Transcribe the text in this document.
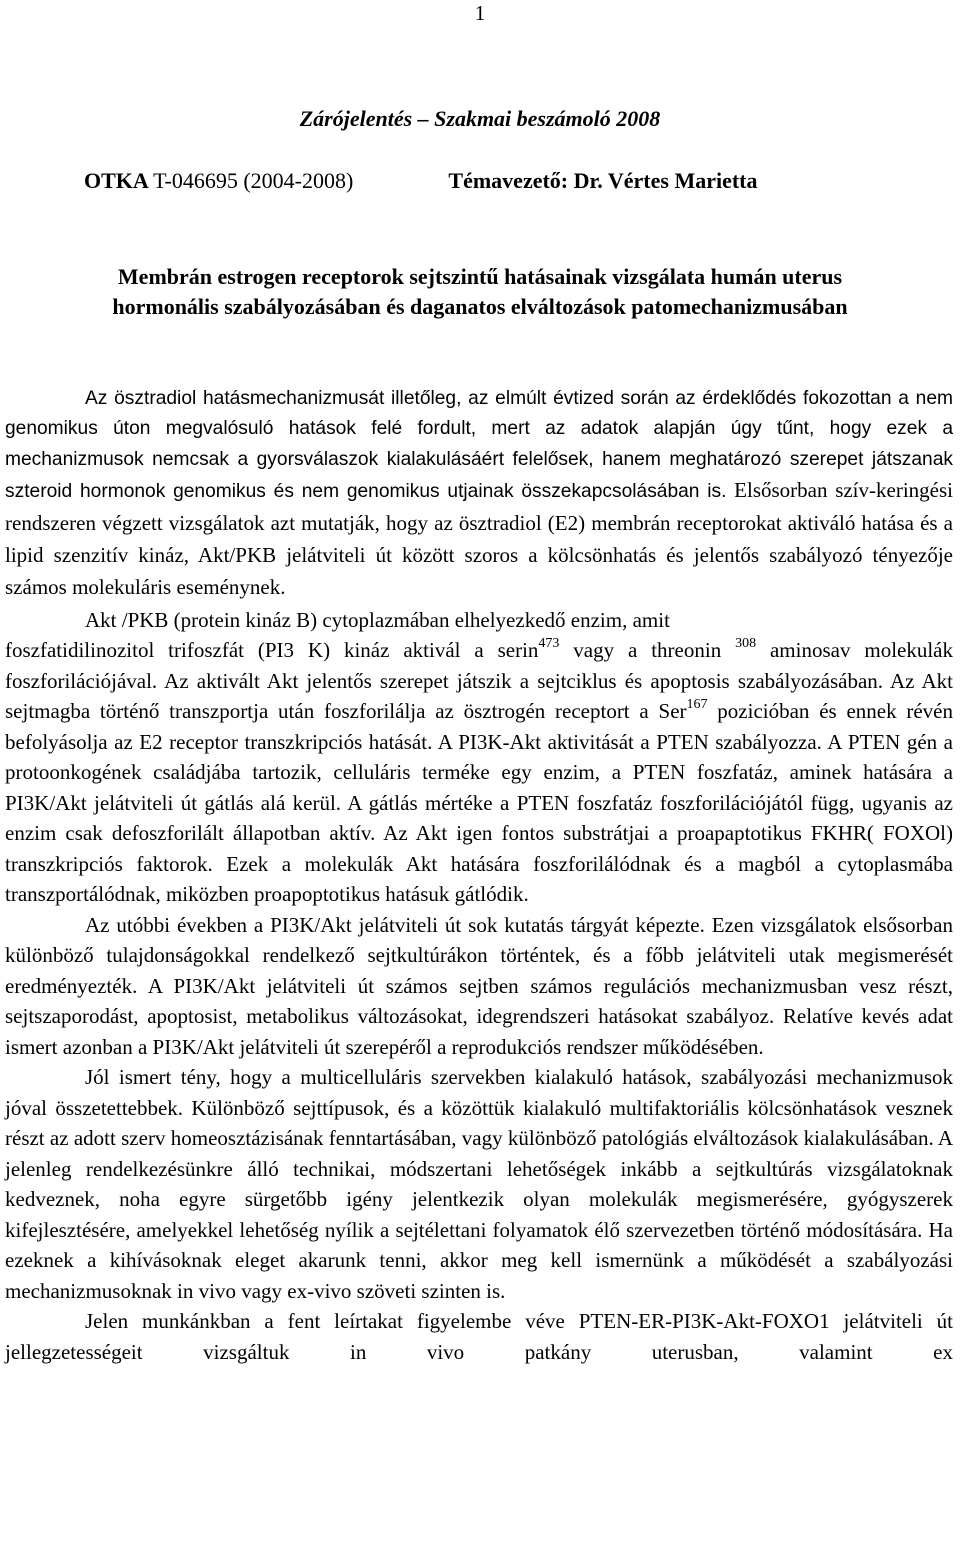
1
Zárójelentés – Szakmai beszámoló 2008
OTKA T-046695 (2004-2008)	Témavezető: Dr. Vértes Marietta
Membrán estrogen receptorok sejtszintű hatásainak vizsgálata humán uterus
hormonális szabályozásában és daganatos elváltozások patomechanizmusában

Az ösztradiol hatásmechanizmusát illetőleg, az elmúlt évtized során az érdeklődés fokozottan a nem genomikus úton megvalósuló hatások felé fordult, mert az adatok alapján úgy tűnt, hogy ezek a mechanizmusok nemcsak a gyorsválaszok kialakulásáért felelősek, hanem meghatározó szerepet játszanak szteroid hormonok genomikus és nem genomikus utjainak összekapcsolásában is. Elsősorban szív-keringési rendszeren végzett vizsgálatok azt mutatják, hogy az ösztradiol (E2) membrán receptorokat aktiváló hatása és a lipid szenzitív kináz, Akt/PKB jelátviteli út között szoros a kölcsönhatás és jelentős szabályozó tényezője számos molekuláris eseménynek.

Akt /PKB (protein kináz B) cytoplazmában elhelyezkedő enzim, amit
foszfatidilinozitol trifoszfát (PI3 K) kináz aktivál a serin$^{473}$ vagy a threonin $^{308}$ aminosav molekulák foszforilációjával. Az aktivált Akt jelentős szerepet játszik a sejtciklus és apoptosis szabályozásában. Az Akt sejtmagba történő transzportja után foszforilálja az ösztrogén receptort a Ser$^{167}$ pozicióban és ennek révén befolyásolja az E2 receptor transzkripciós hatását. A PI3K-Akt aktivitását a PTEN szabályozza. A PTEN gén a protoonkogének családjába tartozik, celluláris terméke egy enzim, a PTEN foszfatáz, aminek hatására a PI3K/Akt jelátviteli út gátlás alá kerül. A gátlás mértéke a PTEN foszfatáz foszforilációjától függ, ugyanis az enzim csak defoszforilált állapotban aktív. Az Akt igen fontos substrátjai a proapaptotikus FKHR( FOXOl) transzkripciós faktorok. Ezek a molekulák Akt hatására foszforilálódnak és a magból a cytoplasmába transzportálódnak, miközben proapoptotikus hatásuk gátlódik.

Az utóbbi években a PI3K/Akt jelátviteli út sok kutatás tárgyát képezte. Ezen vizsgálatok elsősorban különböző tulajdonságokkal rendelkező sejtkultúrákon történtek, és a főbb jelátviteli utak megismerését eredményezték. A PI3K/Akt jelátviteli út számos sejtben számos regulációs mechanizmusban vesz részt, sejtszaporodást, apoptosist, metabolikus változásokat, idegrendszeri hatásokat szabályoz. Relatíve kevés adat ismert azonban a PI3K/Akt jelátviteli út szerepéről a reprodukciós rendszer működésében.

Jól ismert tény, hogy a multicelluláris szervekben kialakuló hatások, szabályozási mechanizmusok jóval összetettebbek. Különböző sejttípusok, és a közöttük kialakuló multifaktoriális kölcsönhatások vesznek részt az adott szerv homeosztázisának fenntartásában, vagy különböző patológiás elváltozások kialakulásában. A jelenleg rendelkezésünkre álló technikai, módszertani lehetőségek inkább a sejtkultúrás vizsgálatoknak kedveznek, noha egyre sürgetőbb igény jelentkezik olyan molekulák megismerésére, gyógyszerek kifejlesztésére, amelyekkel lehetőség nyílik a sejtélettani folyamatok élő szervezetben történő módosítására. Ha ezeknek a kihívásoknak eleget akarunk tenni, akkor meg kell ismernünk a működését a szabályozási mechanizmusoknak in vivo vagy ex-vivo szöveti szinten is.

Jelen munkánkban a fent leírtakat figyelembe véve PTEN-ER-PI3K-Akt-FOXO1 jelátviteli út jellegzetességeit vizsgáltuk in vivo patkány uterusban, valamint ex
